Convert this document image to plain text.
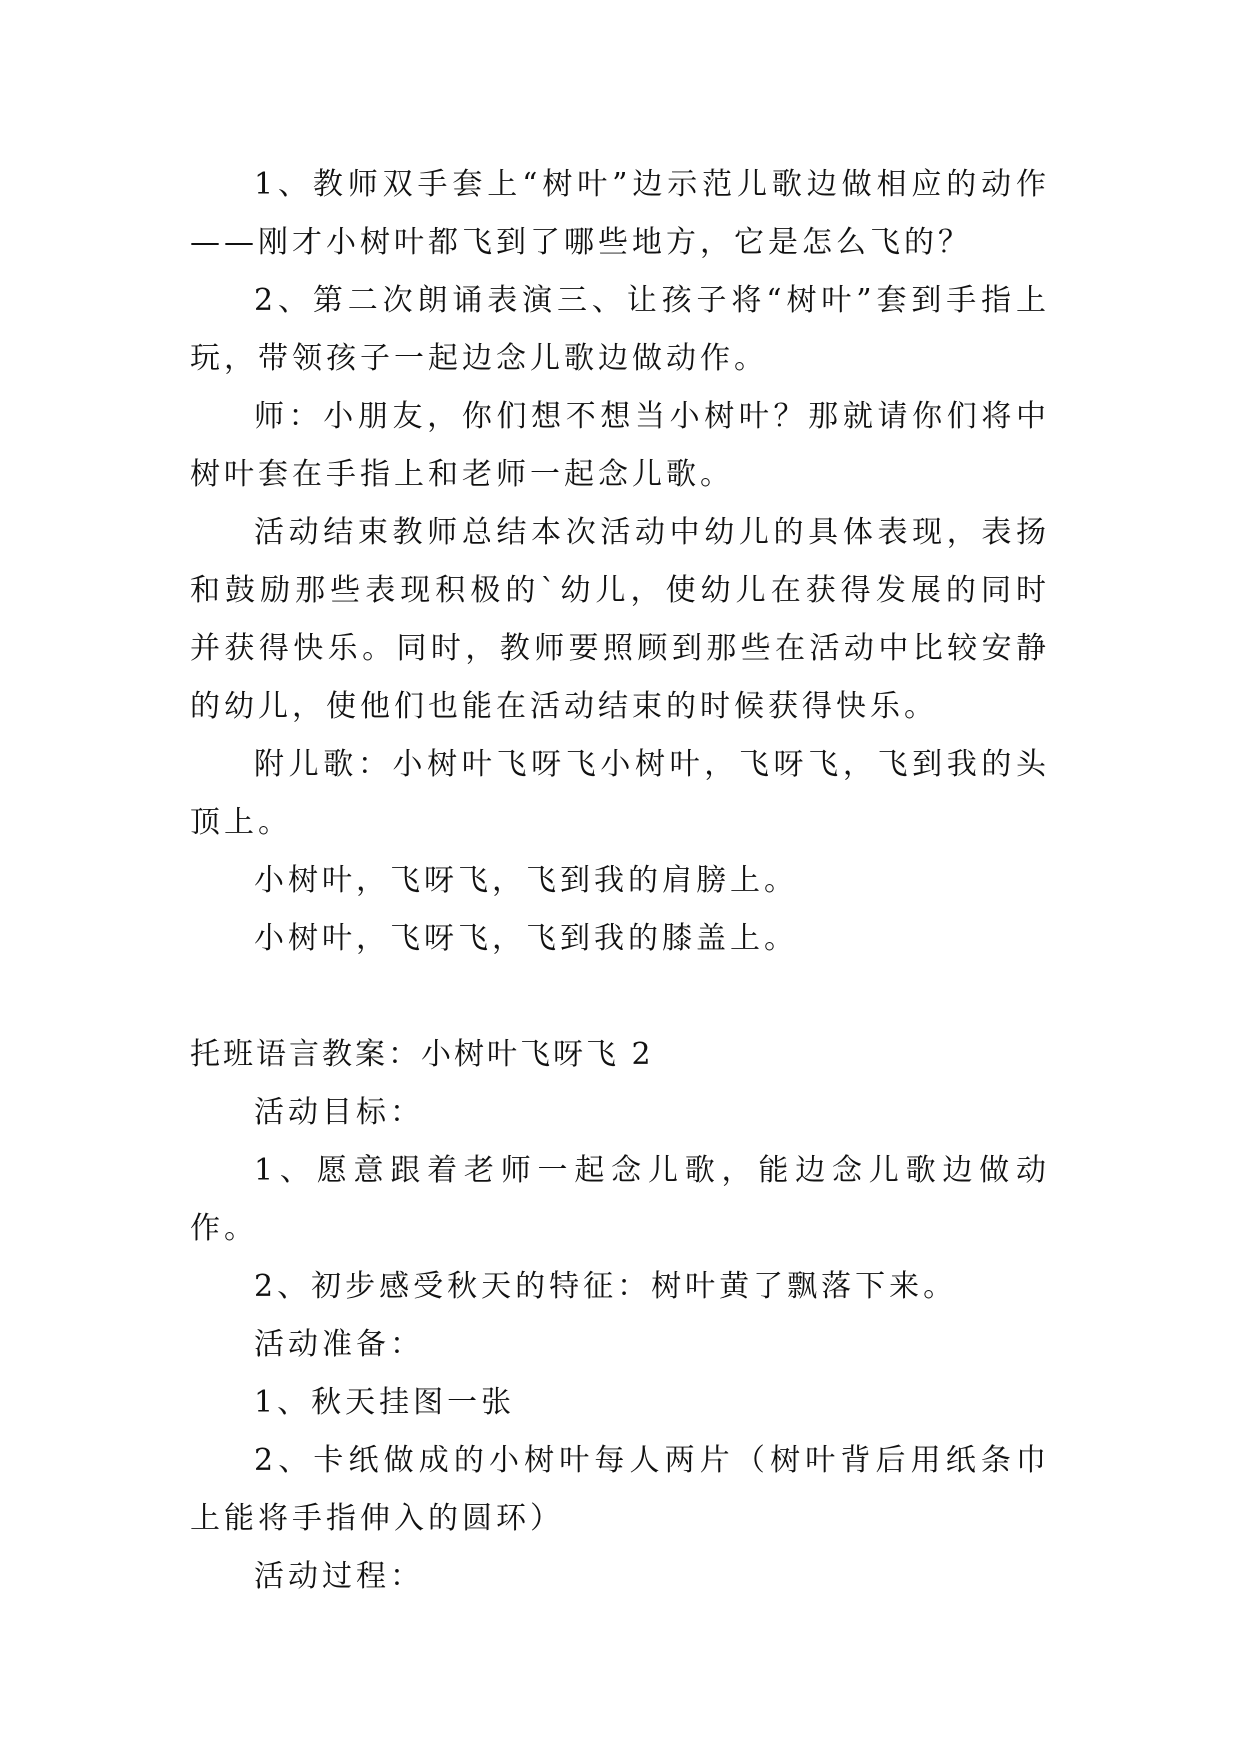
1、教师双手套上“树叶”边示范儿歌边做相应的动作——刚才小树叶都飞到了哪些地方，它是怎么飞的？

2、第二次朗诵表演三、让孩子将“树叶”套到手指上玩，带领孩子一起边念儿歌边做动作。

师：小朋友，你们想不想当小树叶？那就请你们将中树叶套在手指上和老师一起念儿歌。

活动结束教师总结本次活动中幼儿的具体表现，表扬和鼓励那些表现积极的`幼儿，使幼儿在获得发展的同时并获得快乐。同时，教师要照顾到那些在活动中比较安静的幼儿，使他们也能在活动结束的时候获得快乐。

附儿歌：小树叶飞呀飞小树叶，飞呀飞，飞到我的头顶上。

小树叶，飞呀飞，飞到我的肩膀上。

小树叶，飞呀飞，飞到我的膝盖上。

托班语言教案：小树叶飞呀飞 2

活动目标：

1、愿意跟着老师一起念儿歌，能边念儿歌边做动作。

2、初步感受秋天的特征：树叶黄了飘落下来。

活动准备：

1、秋天挂图一张

2、卡纸做成的小树叶每人两片（树叶背后用纸条巾上能将手指伸入的圆环）

活动过程：
